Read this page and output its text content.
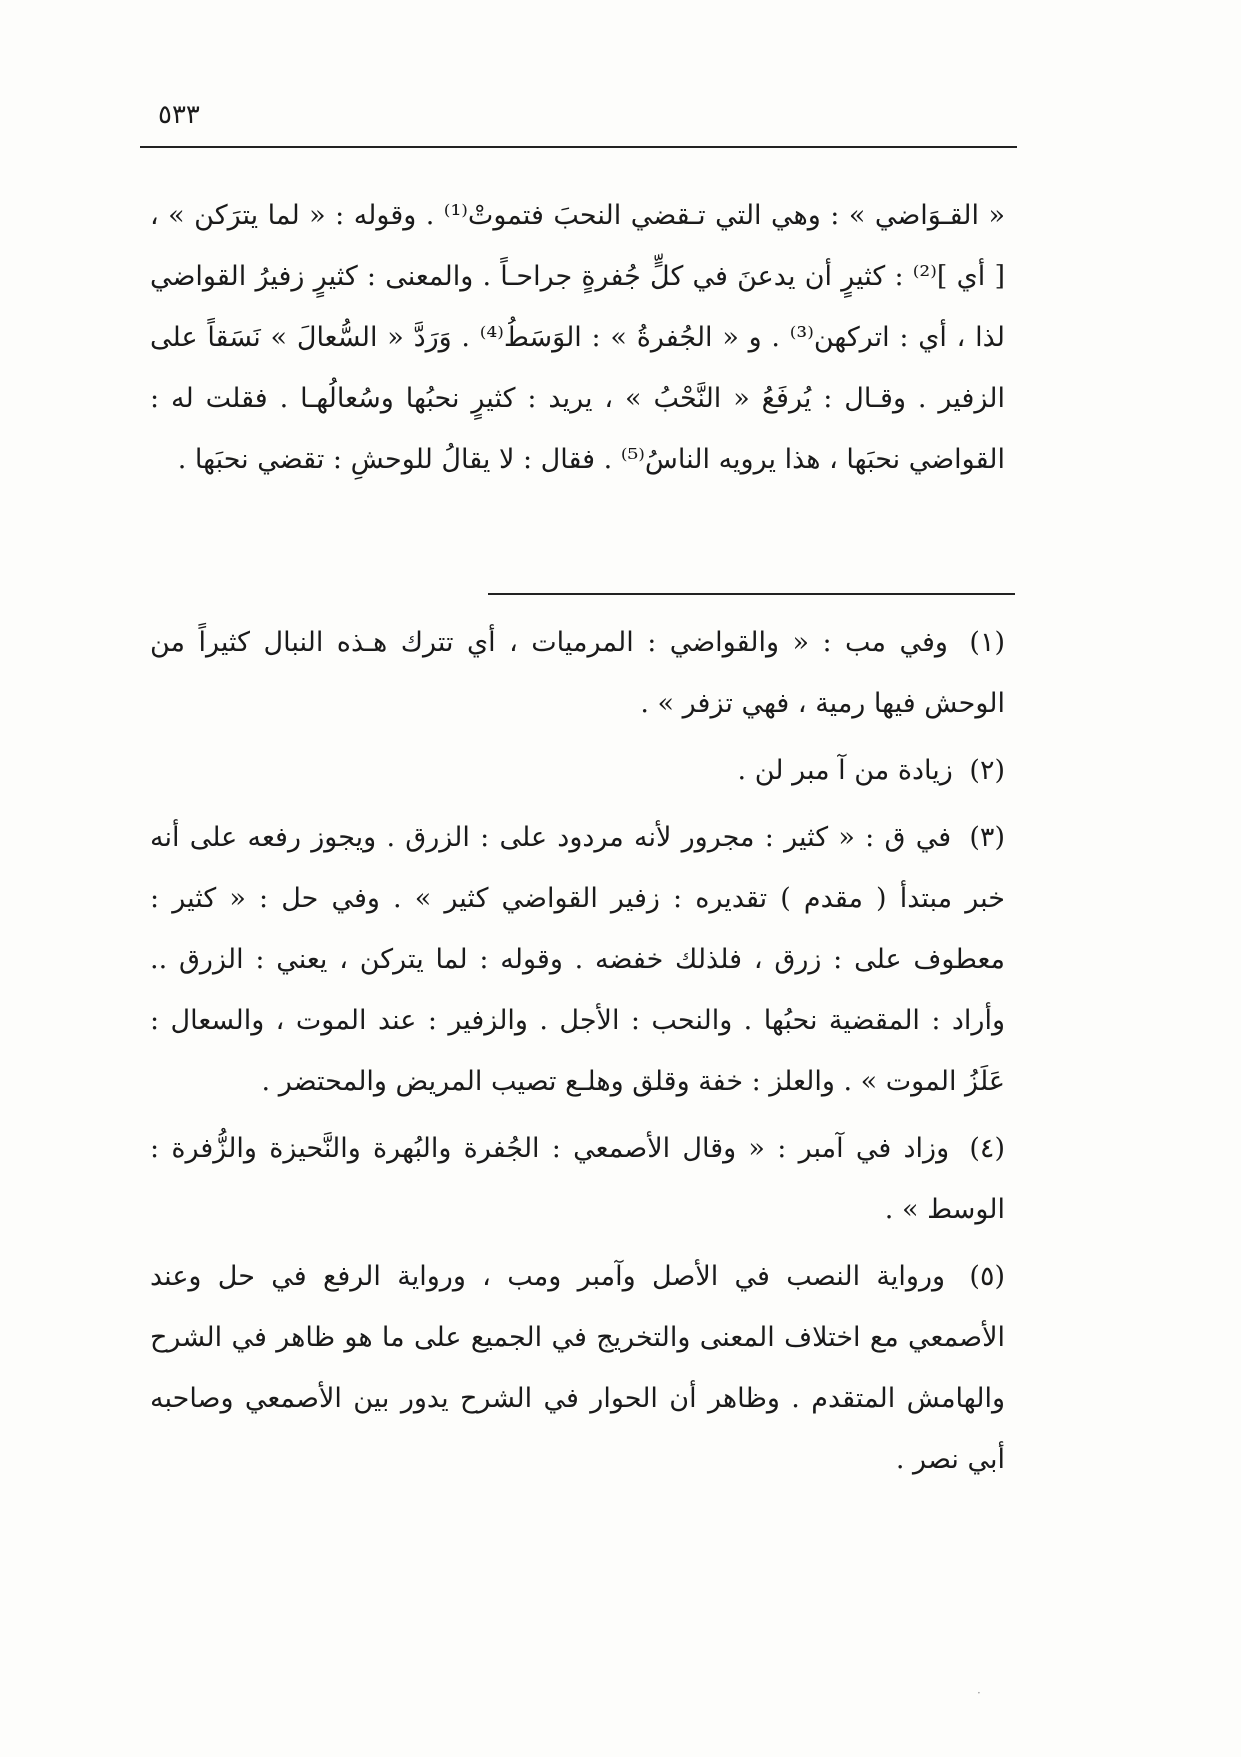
٥٣٣

« القـوَاضي » : وهي التي تـقضي النحبَ فتموتْ⁽¹⁾ . وقوله : « لما يترَكن » ، [ أي ]⁽²⁾ : كثيرٍ أن يدعنَ في كلٍّ جُفرةٍ جراحـاً . والمعنى : كثيرٍ زفيرُ القواضي لذا ، أي : اتركهن⁽³⁾ . و « الجُفرةُ » : الوَسَطُ⁽⁴⁾ . وَرَدَّ « السُّعالَ » نَسَقاً على الزفير . وقـال : يُرفَعُ « النَّحْبُ » ، يريد : كثيرٍ نحبُها وسُعالُهـا . فقلت له : القواضي نحبَها ، هذا يرويه الناسُ⁽⁵⁾ . فقال : لا يقالُ للوحشِ : تقضي نحبَها .

(١) وفي مب : « والقواضي : المرميات ، أي تترك هـذه النبال كثيراً من الوحش فيها رمية ، فهي تزفر » .

(٢) زيادة من آ مبر لن .

(٣) في ق : « كثير : مجرور لأنه مردود على : الزرق . ويجوز رفعه على أنه خبر مبتدأ ( مقدم ) تقديره : زفير القواضي كثير » . وفي حل : « كثير : معطوف على : زرق ، فلذلك خفضه . وقوله : لما يتركن ، يعني : الزرق .. وأراد : المقضية نحبُها . والنحب : الأجل . والزفير : عند الموت ، والسعال : عَلَزُ الموت » . والعلز : خفة وقلق وهلـع تصيب المريض والمحتضر .

(٤) وزاد في آمبر : « وقال الأصمعي : الجُفرة والبُهرة والنَّحيزة والزُّفرة : الوسط » .

(٥) ورواية النصب في الأصل وآمبر ومب ، ورواية الرفع في حل وعند الأصمعي مع اختلاف المعنى والتخريج في الجميع على ما هو ظاهر في الشرح والهامش المتقدم . وظاهر أن الحوار في الشرح يدور بين الأصمعي وصاحبه أبي نصر .

·
